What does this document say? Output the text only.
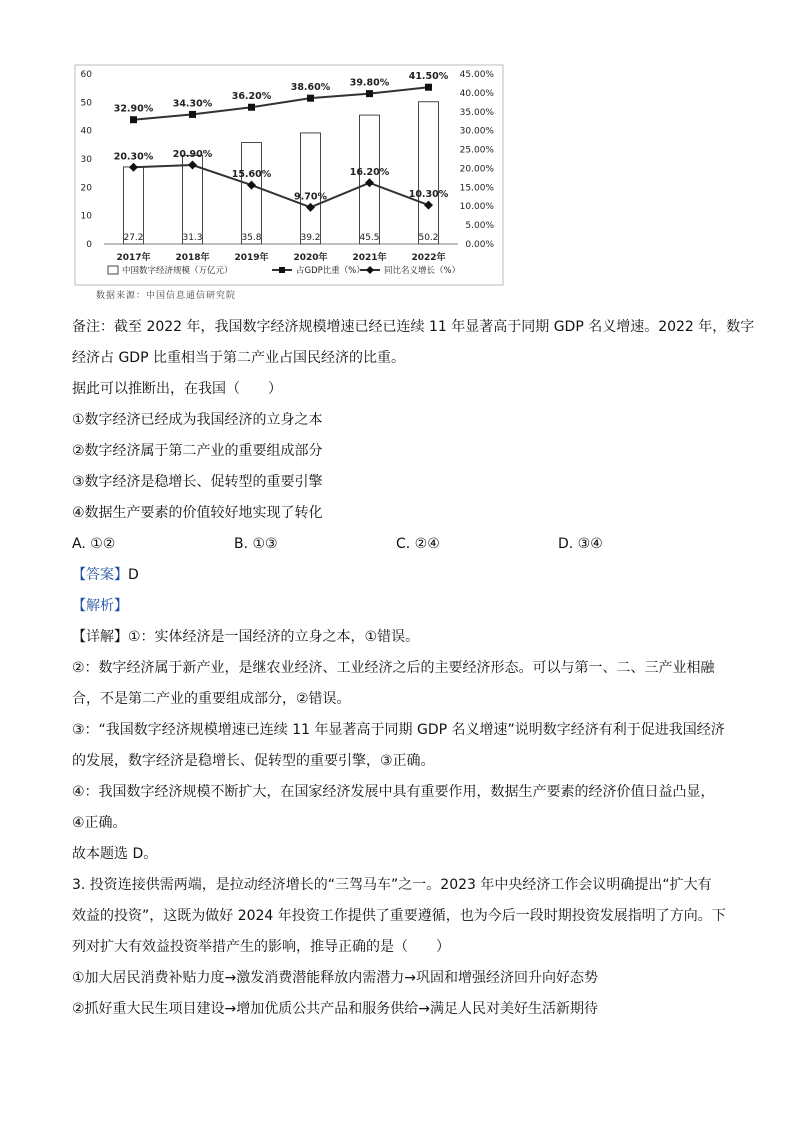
0
10
20
30
40
50
60
0.00%
5.00%
10.00%
15.00%
20.00%
25.00%
30.00%
35.00%
40.00%
45.00%
27.2	31.3	35.8	39.2	45.5	50.2
2017年	2018年	2019年	2020年	2021年	2022年
32.90% 34.30%
36.20%
38.60% 39.80%
41.50%
20.30% 20.90%
15.60%
9.70%
16.20%
10.30%
中国数字经济规模（万亿元）	占GDP比重（%） 同比名义增长（%）
数据来源：中国信息通信研究院
备注：截至 2022 年，我国数字经济规模增速已经已连续 11 年显著高于同期 GDP 名义增速。2022 年，数字
经济占 GDP 比重相当于第二产业占国民经济的比重。
据此可以推断出，在我国（　　）
①数字经济已经成为我国经济的立身之本
②数字经济属于第二产业的重要组成部分
③数字经济是稳增长、促转型的重要引擎
④数据生产要素的价值较好地实现了转化
A. ①②	B. ①③	C. ②④	D. ③④
【答案】D
【解析】
【详解】①：实体经济是一国经济的立身之本，①错误。
②：数字经济属于新产业，是继农业经济、工业经济之后的主要经济形态。可以与第一、二、三产业相融
合，不是第二产业的重要组成部分，②错误。
③：“我国数字经济规模增速已连续 11 年显著高于同期 GDP 名义增速”说明数字经济有利于促进我国经济
的发展，数字经济是稳增长、促转型的重要引擎，③正确。
④：我国数字经济规模不断扩大，在国家经济发展中具有重要作用，数据生产要素的经济价值日益凸显，
④正确。
故本题选 D。
3. 投资连接供需两端，是拉动经济增长的“三驾马车”之一。2023 年中央经济工作会议明确提出“扩大有
效益的投资”，这既为做好 2024 年投资工作提供了重要遵循，也为今后一段时期投资发展指明了方向。下
列对扩大有效益投资举措产生的影响，推导正确的是（　　）
①加大居民消费补贴力度→激发消费潜能释放内需潜力→巩固和增强经济回升向好态势
②抓好重大民生项目建设→增加优质公共产品和服务供给→满足人民对美好生活新期待
